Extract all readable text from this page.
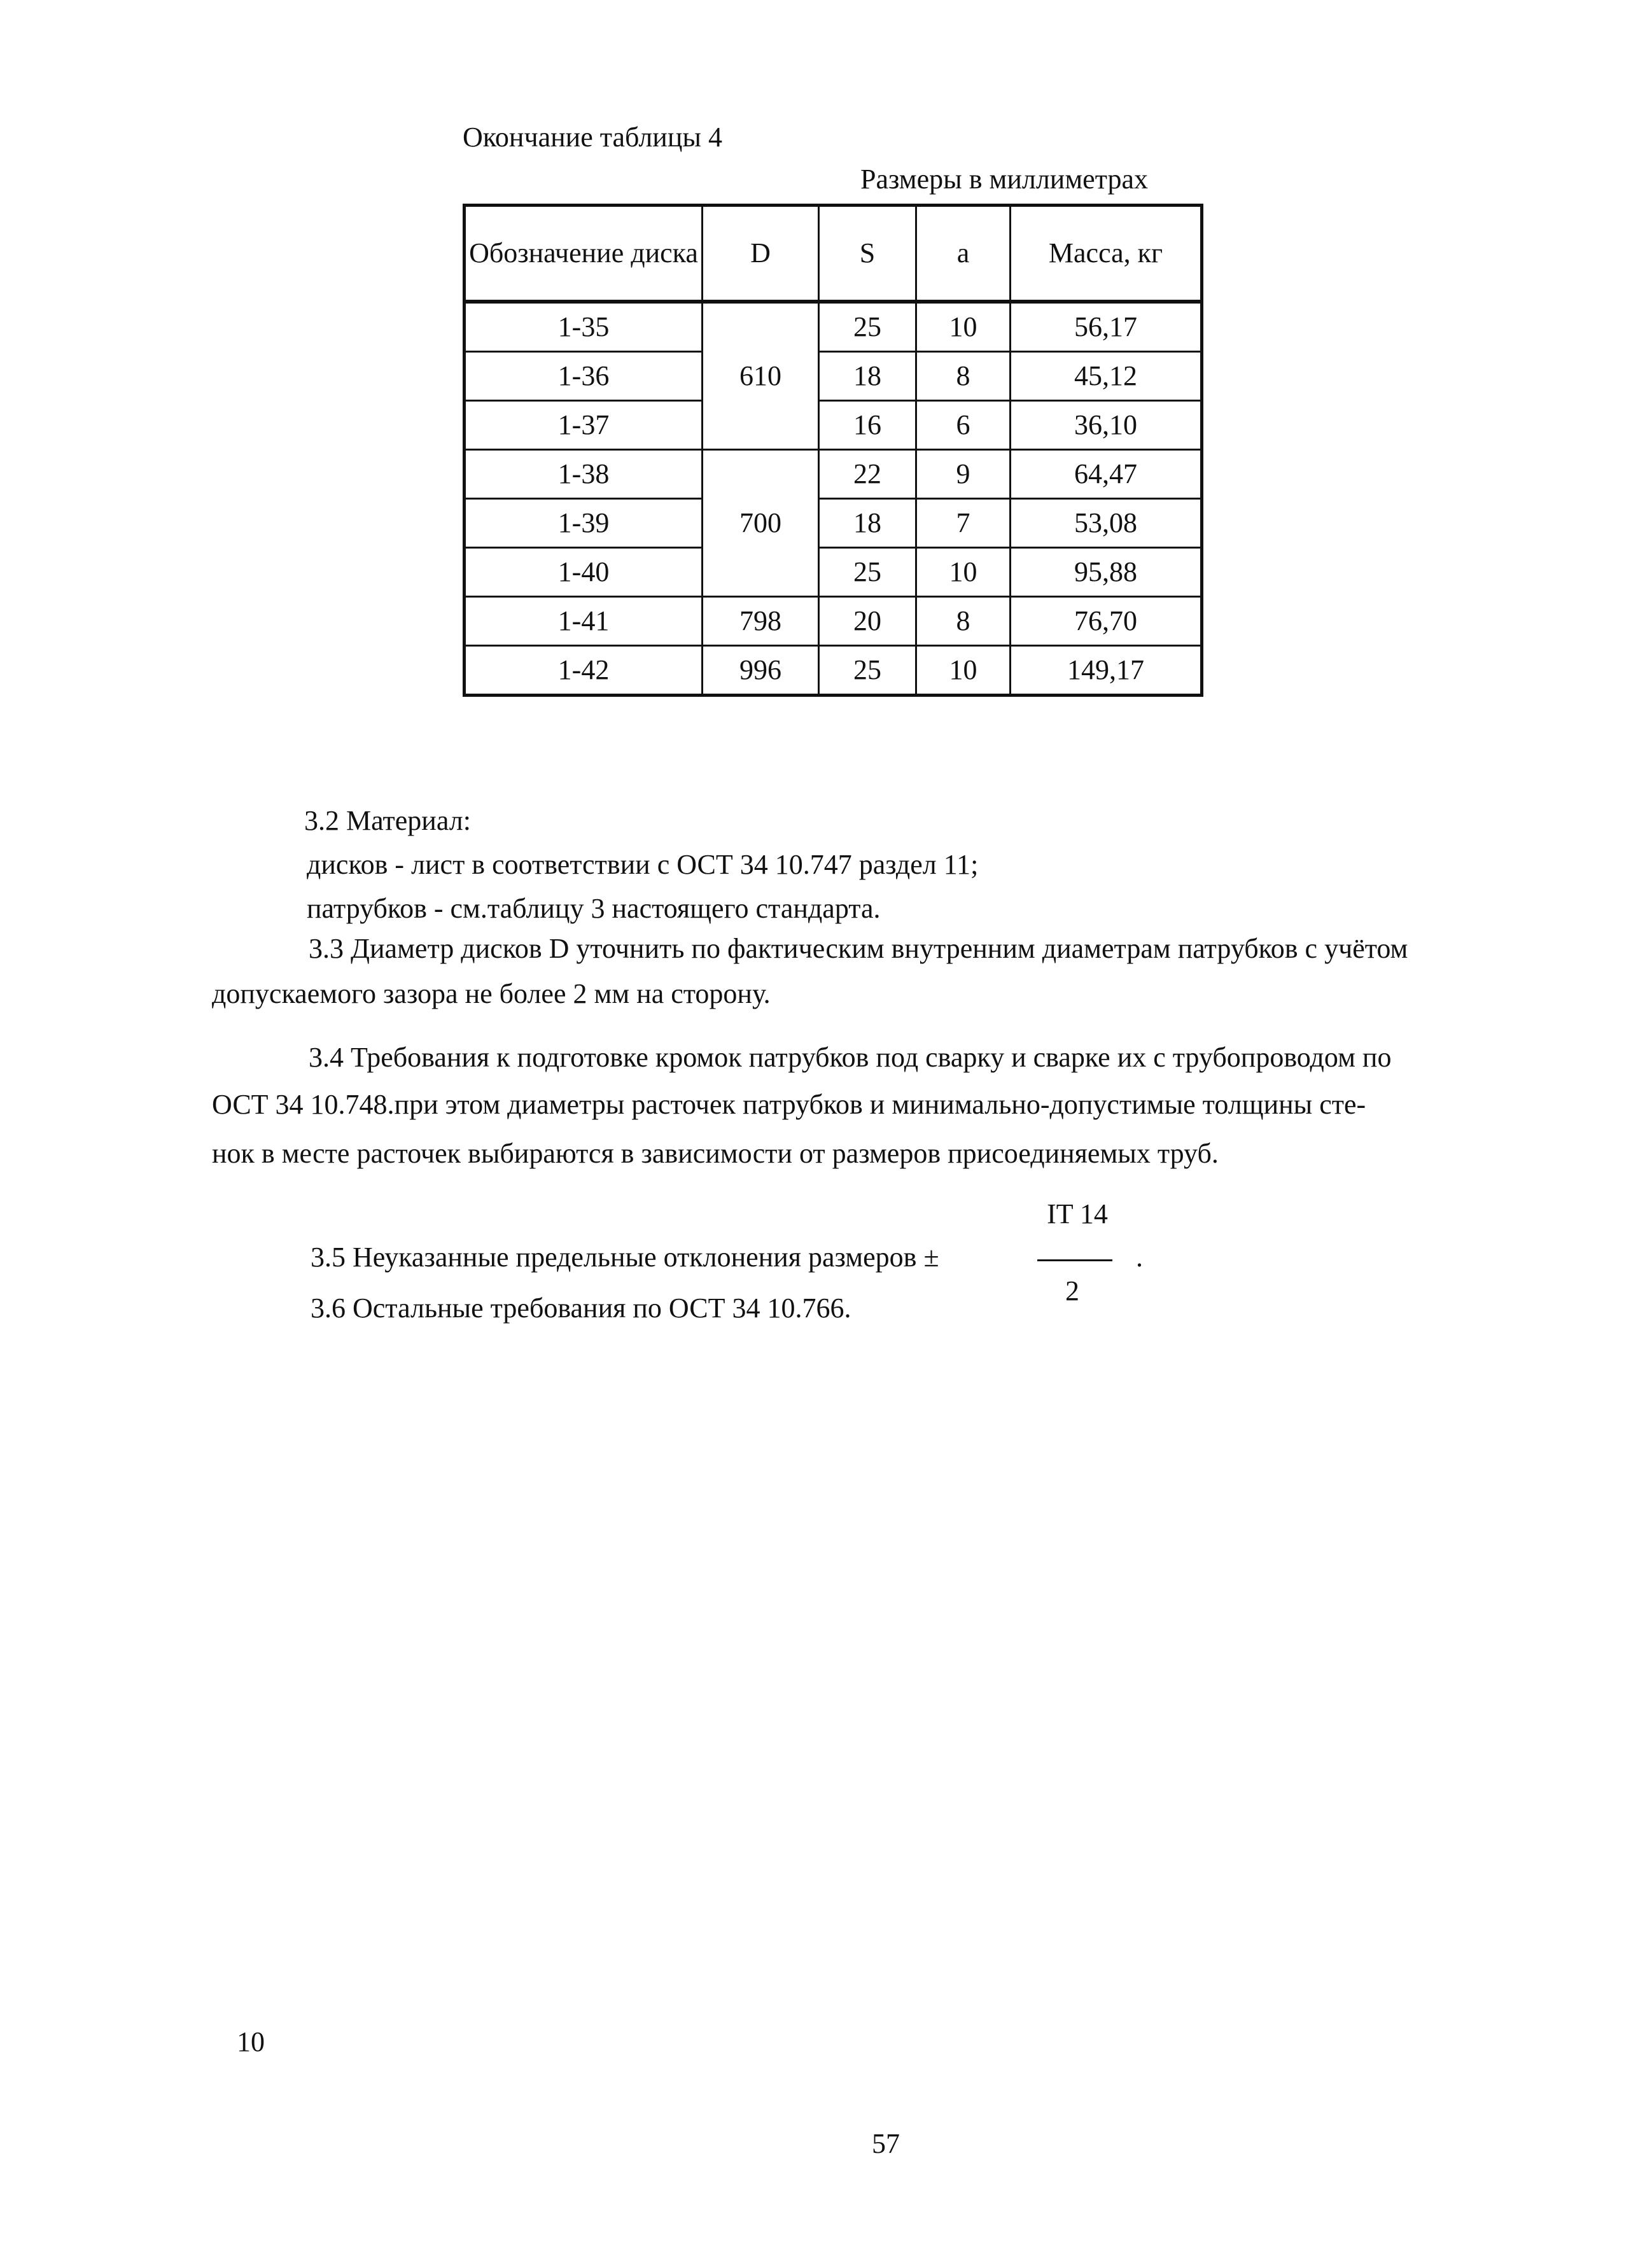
Окончание таблицы 4
Размеры в миллиметрах
Обозначение диска	D	S	a	Масса, кг
1-35	610	25	10	56,17
1-36		18	8	45,12
1-37		16	6	36,10
1-38	700	22	9	64,47
1-39		18	7	53,08
1-40		25	10	95,88
1-41	798	20	8	76,70
1-42	996	25	10	149,17
3.2 Материал:
дисков - лист в соответствии с ОСТ 34 10.747 раздел 11;
патрубков - см.таблицу 3 настоящего стандарта.
3.3 Диаметр дисков D уточнить по фактическим внутренним диаметрам патрубков с учётом
допускаемого зазора не более 2 мм на сторону.
3.4 Требования к подготовке кромок патрубков под сварку и сварке их с трубопроводом по
ОСТ 34 10.748.при этом диаметры расточек патрубков и минимально-допустимые толщины сте-
нок в месте расточек выбираются в зависимости от размеров присоединяемых труб.
3.5 Неуказанные предельные отклонения размеров ±
IT 14
.
2
3.6 Остальные требования по ОСТ 34 10.766.
10
57
